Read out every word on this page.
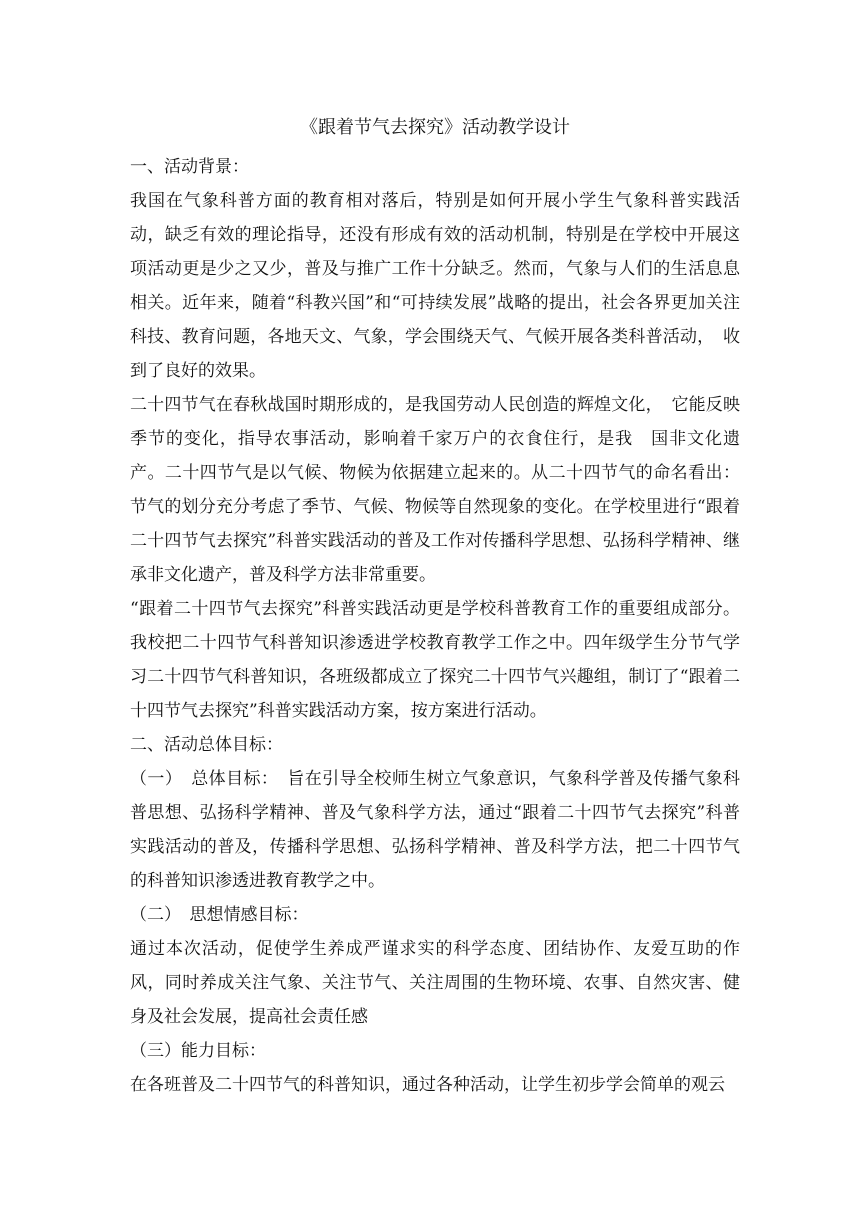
《跟着节气去探究》活动教学设计

一、活动背景：

我国在气象科普方面的教育相对落后，特别是如何开展小学生气象科普实践活动，缺乏有效的理论指导，还没有形成有效的活动机制，特别是在学校中开展这项活动更是少之又少，普及与推广工作十分缺乏。然而，气象与人们的生活息息相关。近年来，随着“科教兴国”和“可持续发展”战略的提出，社会各界更加关注科技、教育问题，各地天文、气象，学会围绕天气、气候开展各类科普活动，　收到了良好的效果。

二十四节气在春秋战国时期形成的，是我国劳动人民创造的辉煌文化，　它能反映季节的变化，指导农事活动，影响着千家万户的衣食住行，是我　国非文化遗产。二十四节气是以气候、物候为依据建立起来的。从二十四节气的命名看出：节气的划分充分考虑了季节、气候、物候等自然现象的变化。在学校里进行“跟着二十四节气去探究”科普实践活动的普及工作对传播科学思想、弘扬科学精神、继承非文化遗产，普及科学方法非常重要。

“跟着二十四节气去探究”科普实践活动更是学校科普教育工作的重要组成部分。我校把二十四节气科普知识渗透进学校教育教学工作之中。四年级学生分节气学习二十四节气科普知识，各班级都成立了探究二十四节气兴趣组，制订了“跟着二十四节气去探究”科普实践活动方案，按方案进行活动。

二、活动总体目标：

（一）　总体目标：　旨在引导全校师生树立气象意识，气象科学普及传播气象科普思想、弘扬科学精神、普及气象科学方法，通过“跟着二十四节气去探究”科普实践活动的普及，传播科学思想、弘扬科学精神、普及科学方法，把二十四节气的科普知识渗透进教育教学之中。

（二）　思想情感目标：

通过本次活动，促使学生养成严谨求实的科学态度、团结协作、友爱互助的作风，同时养成关注气象、关注节气、关注周围的生物环境、农事、自然灾害、健身及社会发展，提高社会责任感

（三）能力目标：

在各班普及二十四节气的科普知识，通过各种活动，让学生初步学会简单的观云
